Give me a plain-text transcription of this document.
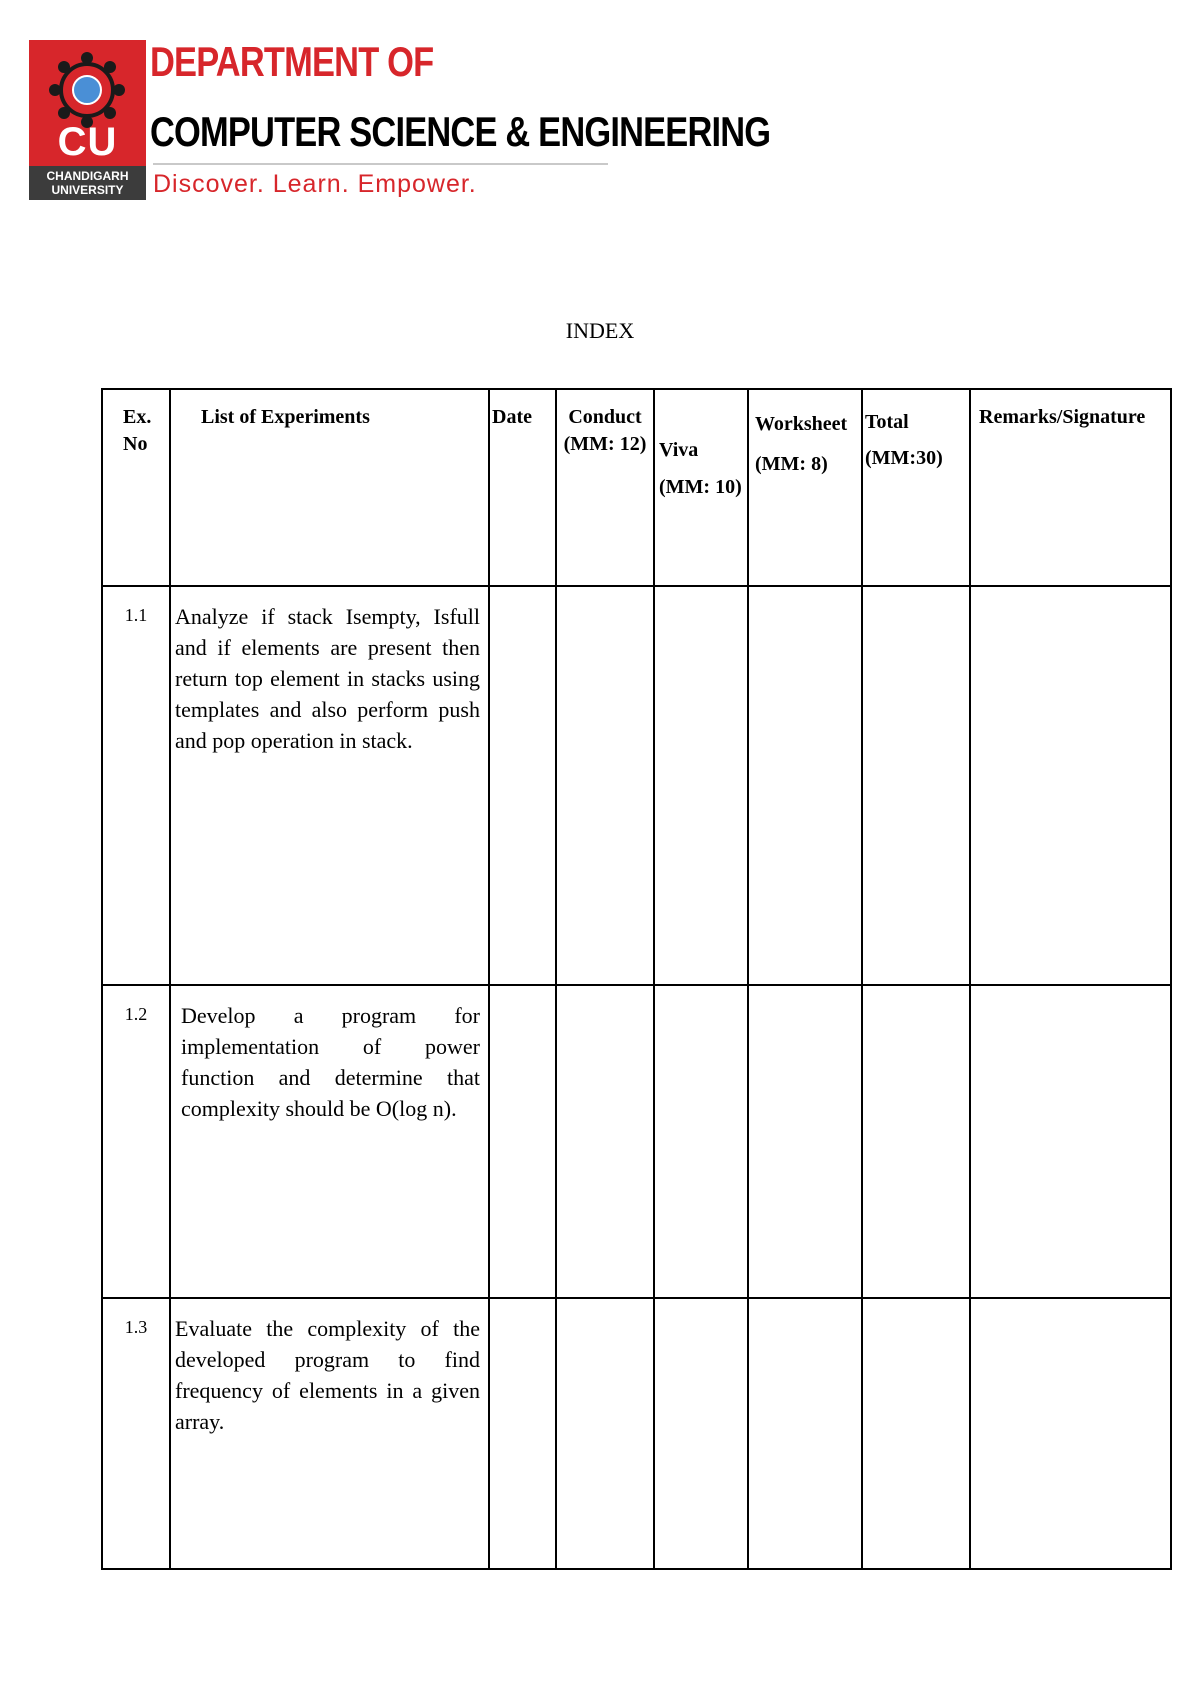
CU
CHANDIGARH UNIVERSITY
DEPARTMENT OF
COMPUTER SCIENCE & ENGINEERING
Discover. Learn. Empower.
INDEX
Ex. No	List of Experiments	Date	Conduct (MM: 12)	Viva (MM: 10)	Worksheet (MM: 8)	Total (MM:30)	Remarks/Signature
1.1	Analyze if stack Isempty, Isfull and if elements are present then return top element in stacks using templates and also perform push and pop operation in stack.						
1.2	Develop a program for implementation of power function and determine that complexity should be O(log n).						
1.3	Evaluate the complexity of the developed program to find frequency of elements in a given array.						
